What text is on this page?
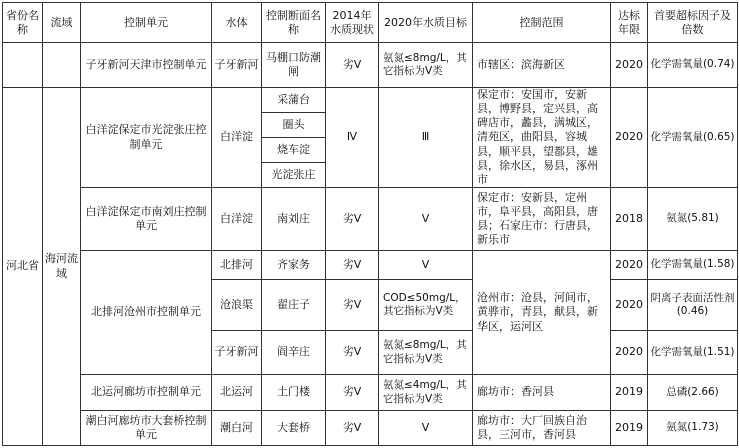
省份名称	流域	控制单元	水体	控制断面名称	2014年水质现状	2020年水质目标	控制范围	达标年限	首要超标因子及倍数
		子牙新河天津市控制单元	子牙新河	马棚口防潮闸	劣Ⅴ	氨氮≤8mg/L，其它指标为Ⅴ类	市辖区：滨海新区	2020	化学需氧量(0.74)
河北省	海河流域	白洋淀保定市光淀张庄控制单元	白洋淀	采蒲台	Ⅳ	Ⅲ	保定市：安国市，安新县，博野县，定兴县，高碑店市，蠡县，满城区，清苑区，曲阳县，容城县，顺平县，望都县，雄县，徐水区，易县，涿州市	2020	化学需氧量(0.65)
				圈头					
				烧车淀					
				光淀张庄					
		白洋淀保定市南刘庄控制单元	白洋淀	南刘庄	劣Ⅴ	Ⅴ	保定市：安新县，定州市，阜平县，高阳县，唐县；石家庄市：行唐县，新乐市	2018	氨氮(5.81)
		北排河沧州市控制单元	北排河	齐家务	劣Ⅴ	Ⅴ	沧州市：沧县，河间市，黄骅市，青县，献县，新华区，运河区	2020	化学需氧量(1.58)
			沧浪渠	翟庄子	劣Ⅴ	COD≤50mg/L，其它指标为Ⅴ类		2020	阴离子表面活性剂(0.46)
			子牙新河	阎辛庄	劣Ⅴ	氨氮≤8mg/L，其它指标为Ⅴ类		2020	化学需氧量(1.51)
		北运河廊坊市控制单元	北运河	土门楼	劣Ⅴ	氨氮≤4mg/L，其它指标为Ⅴ类	廊坊市：香河县	2019	总磷(2.66)
		潮白河廊坊市大套桥控制单元	潮白河	大套桥	劣Ⅴ	Ⅴ	廊坊市：大厂回族自治县，三河市，香河县	2019	氨氮(1.73)
